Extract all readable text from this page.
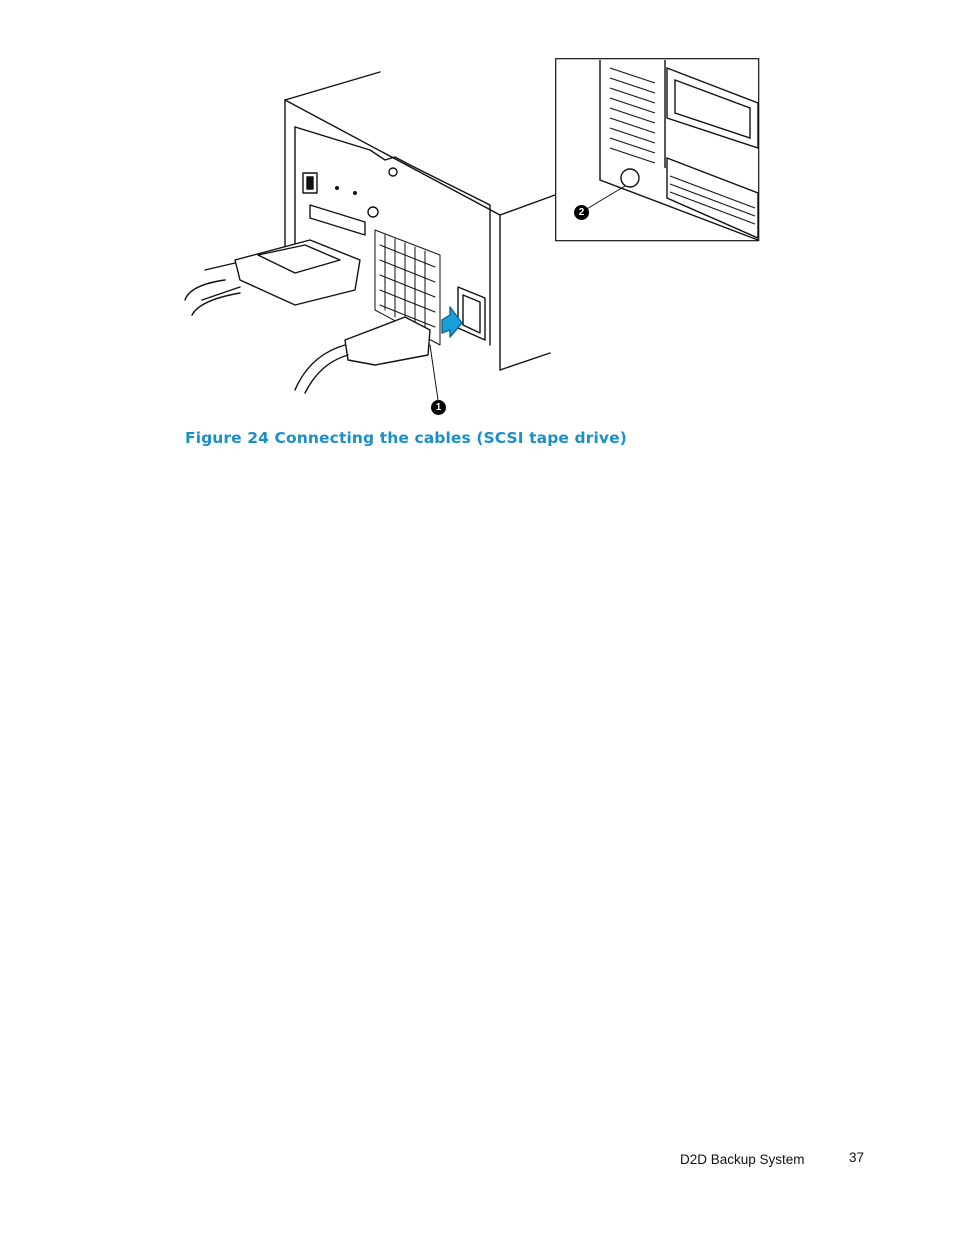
1
2
Figure 24 Connecting the cables (SCSI tape drive)
D2D Backup System	37
